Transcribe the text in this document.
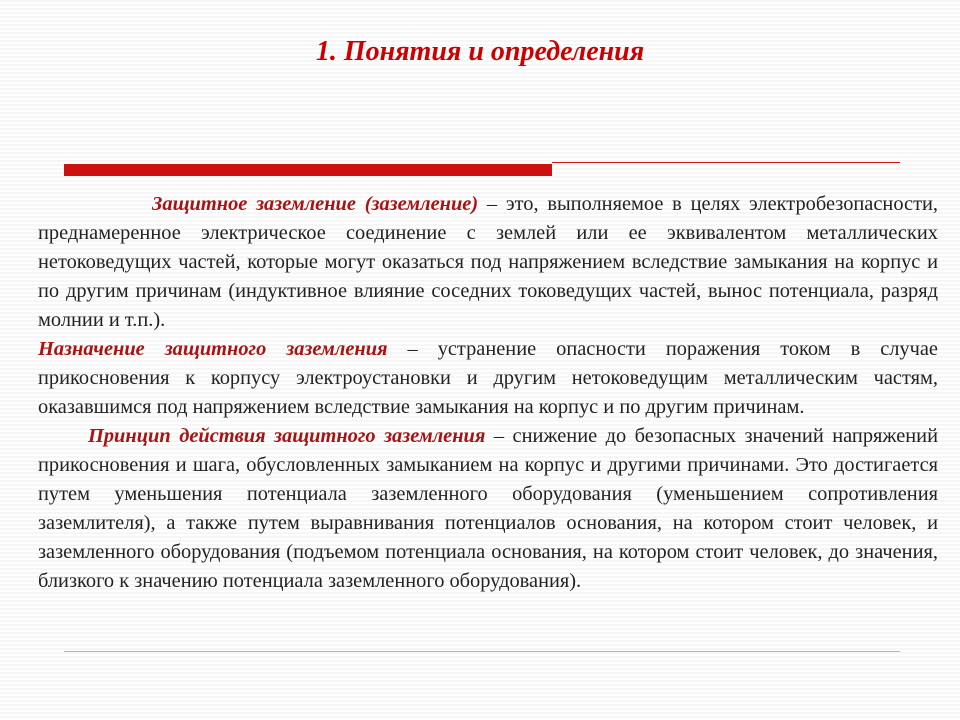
1. Понятия и определения

Защитное заземление (заземление) – это, выполняемое в целях электробезопасности, преднамеренное электрическое соединение с землей или ее эквивалентом металлических нетоковедущих частей, которые могут оказаться под напряжением вследствие замыкания на корпус и по другим причинам (индуктивное влияние соседних токоведущих частей, вынос потенциала, разряд молнии и т.п.).

Назначение защитного заземления – устранение опасности поражения током в случае прикосновения к корпусу электроустановки и другим нетоковедущим металлическим частям, оказавшимся под напряжением вследствие замыкания на корпус и по другим причинам.

Принцип действия защитного заземления – снижение до безопасных значений напряжений прикосновения и шага, обусловленных замыканием на корпус и другими причинами. Это достигается путем уменьшения потенциала заземленного оборудования (уменьшением сопротивления заземлителя), а также путем выравнивания потенциалов основания, на котором стоит человек, и заземленного оборудования (подъемом потенциала основания, на котором стоит человек, до значения, близкого к значению потенциала заземленного оборудования).
